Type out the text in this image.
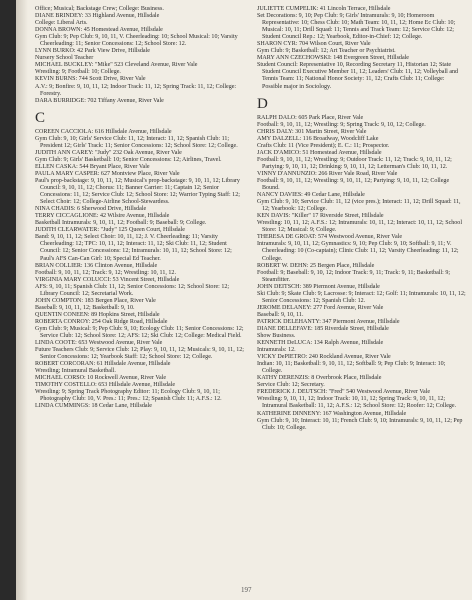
Office; Musical; Backstage Crew; College: Business.

DIANE BRINDEY: 33 Highland Avenue, Hillsdale

College: Liberal Arts.

DONNA BROWN: 45 Homestead Avenue, Hillsdale

Gym Club: 9; Pep Club: 9, 10, 11, V. Cheerleading: 10; School Musical: 10; Varsity Cheerleading: 11; Senior Concessions: 12; School Store: 12.

LYNN BURKO: 42 Park View Drive, Hillsdale

Nursery School Teacher

MICHAEL BUCKLEY: "Mike" 523 Cleveland Avenue, River Vale

Wrestling: 9; Football: 10; College.

KEVIN BURNS: 744 Scott Drive, River Vale

A.V.: 9; Bonfire: 9, 10, 11, 12; Indoor Track: 11, 12; Spring Track: 11, 12; College: Forestry.

DARA BURRIDGE: 702 Tiffany Avenue, River Vale

C

COREEN CACCIOLA: 616 Hillsdale Avenue, Hillsdale

Gym Club: 9, 10; Girls' Service Club: 11, 12; Interact: 11, 12; Spanish Club: 11; President 12; Girls' Track: 11; Senior Concessions: 12; School Store: 12; College.

JUDITH ANN CAREY: "Judy" 232 Oak Avenue, River Vale

Gym Club: 9; Girls' Basketball: 10; Senior Concessions: 12; Airlines, Travel.

ELLEN CASKA: 544 Bryant Place, River Vale

PAULA MARY CASPER: 627 Montview Place, River Vale

Paul's prop-backstage: 9, 10, 11, 12; Musical's prop-backstage: 9, 10, 11, 12; Library Council: 9, 10, 11, 12; Chorus: 11; Banner Carrier: 11; Captain 12; Senior Concessions: 11, 12; Service Club: 12; School Store: 12; Warrior Typing Staff: 12; Select Choir: 12; College-Airline School-Stewardess.

NINA CHADIS: 6 Sherwood Drive, Hillsdale

TERRY CICCAGLIONE: 42 Wilsire Avenue, Hillsdale

Basketball Intramurals: 9, 10, 11, 12; Football: 9; Baseball: 9; College.

JUDITH CLEARWATER: "Judy" 125 Queen Court, Hillsdale

Band: 9, 10, 11, 12; Select Choir: 10, 11, 12; J. V. Cheerleading: 11; Varsity Cheerleading: 12; TPC: 10, 11, 12; Interact: 11, 12; Ski Club: 11, 12; Student Council: 12; Senior Concessions: 12; Intramurals: 10, 11, 12; School Store: 12; Paul's AFS Can-Can Girl: 10; Special Ed Teacher.

BRIAN COLLIER: 136 Clinton Avenue, Hillsdale

Football: 9, 10, 11, 12; Track: 9, 12; Wrestling: 10, 11, 12.

VIRGINIA MARY COLUCCI: 53 Vincent Street, Hillsdale

AFS: 9, 10, 11; Spanish Club: 11, 12; Senior Concessions: 12; School Store: 12; Library Council: 12; Secretarial Work.

JOHN COMPTON: 183 Bergen Place, River Vale

Baseball: 9, 10, 11, 12; Basketball: 9, 10.

QUENTIN CONEEN: 89 Hopkins Street, Hillsdale

ROBERTA CONROY: 254 Oak Ridge Road, Hillsdale

Gym Club: 9; Musical: 9; Pep Club: 9, 10; Ecology Club: 11; Senior Concessions: 12; Service Club: 12; School Store: 12; AFS: 12; Ski Club: 12; College: Medical Field.

LINDA COOTE: 653 Westwood Avenue, River Vale

Future Teachers Club: 9; Service Club: 12; Play: 9, 10, 11, 12; Musicals: 9, 10, 11, 12; Senior Concessions: 12; Yearbook Staff: 12; School Store: 12; College.

ROBERT CORCORAN: 61 Hillsdale Avenue, Hillsdale

Wrestling; Intramural Basketball.

MICHAEL CORSO: 10 Rockwell Avenue, River Vale

TIMOTHY COSTELLO: 653 Hillsdale Avenue, Hillsdale

Wrestling: 9; Spring Track Photography Editor: 11; Ecology Club: 9, 10, 11; Photography Club: 10, V. Pres.: 11; Pres.: 12; Spanish Club: 11; A.F.S.: 12.

LINDA CUMMINGS: 18 Cedar Lane, Hillsdale

JULIETTE CUMPELIK: 41 Lincoln Terrace, Hillsdale

Set Decorations: 9, 10; Pep Club: 9; Girls' Intramurals: 9, 10; Homeroom Representative: 10; Chess Club: 10; Math Team: 10, 11, 12; Home Ec Club: 10; Musical: 10, 11; Drill Squad: 11; Tennis and Track Team: 12; Service Club: 12; Student Council Rep.: 12; Yearbook, Editor-in-Chief: 12; College.

SHARON CYR: 704 Wilson Court, River Vale

Gym Club: 9; Basketball: 12; Art Teacher or Psychiatrist.

MARY ANN CZECHOWSKI: 148 Evergreen Street, Hillsdale

Student Council: Representative 10, Recording Secretary 11, Historian 12; State Student Council Executive Member 11, 12; Leaders' Club: 11, 12; Volleyball and Tennis Team: 11; National Honor Society: 11, 12; Crafts Club: 11; College: Possible major in Sociology.

D

RALPH DALO: 605 Park Place, River Vale

Football: 9, 10, 11, 12; Wrestling: 9; Spring Track: 9, 10, 12; College.

CHRIS DALY: 301 Martin Street, River Vale

AMY DALZELL: 116 Broadway, Woodcliff Lake

Crafts Club: 11 (Vice President); E. C.: 11; Prospector.

JACK D'AMICO: 51 Homestead Avenue, Hillsdale

Football: 9, 10, 11, 12; Wrestling: 9; Outdoor Track: 11, 12; Track: 9, 10, 11, 12; Partying: 9, 10, 11, 12; Drinking: 9, 10, 11, 12; Letterman's Club: 10, 11, 12.

VINNY D'ANNUNZIO: 266 River Vale Road, River Vale

Football: 9, 10, 11, 12; Wrestling: 9, 10, 11, 12; Partying: 9, 10, 11, 12; College Bound.

NANCY DAVIES: 49 Cedar Lane, Hillsdale

Gym Club: 9, 10; Service Club: 11, 12 (vice pres.); Interact: 11, 12; Drill Squad: 11, 12; Yearbook: 12; College.

KEN DAVIS: "Killer" 17 Riverside Street, Hillsdale

Wrestling: 10, 11, 12; A.F.S.: 12; Intramurals: 10, 11, 12; Interact: 10, 11, 12; School Store: 12; Musical: 9; College.

THERESA DE GROAT: 574 Westwood Avenue, River Vale

Intramurals: 9, 10, 11, 12; Gymnastics: 9, 10; Pep Club: 9, 10; Softball: 9, 11; V. Cheerleading: 10 (Co-captain); Clinic Club: 11, 12; Varsity Cheerleading: 11, 12; College.

ROBERT W. DEHN: 25 Bergen Place, Hillsdale

Football: 9; Baseball: 9, 10, 12; Indoor Track: 9, 11; Track: 9, 11; Basketball: 9; Steamfitter.

JOHN DEITSCH: 389 Piermont Avenue, Hillsdale

Ski Club: 9; Skate Club: 9; Lacrosse: 9; Interact: 12; Golf: 11; Intramurals: 10, 11, 12; Senior Concessions: 12; Spanish Club: 12.

JEROME DELANEY: 277 Ford Avenue, River Vale

Baseball: 9, 10, 11.

PATRICK DELEHANTY: 347 Piermont Avenue, Hillsdale

DIANE DELLEFAVE: 185 Riverdale Street, Hillsdale

Show Business.

KENNETH DeLUCA: 134 Ralph Avenue, Hillsdale

Intramurals: 12.

VICKY DePIETRO: 240 Rockland Avenue, River Vale

Indian: 10, 11; Basketball: 9, 10, 11, 12; Softball: 9; Pep Club: 9; Interact: 10; College.

KATHY DERENZIS: 8 Overbrook Place, Hillsdale

Service Club: 12; Secretary.

FREDERICK J. DEUTSCH: "Fred" 540 Westwood Avenue, River Vale

Wrestling: 9, 10, 11, 12; Indoor Track: 10, 11, 12; Spring Track: 9, 10, 11, 12; Intramural Basketball: 11, 12; A.F.S.: 12; School Store: 12; Roofer: 12; College.

KATHERINE DINNENY: 167 Washington Avenue, Hillsdale

Gym Club: 9, 10; Interact: 10, 11; French Club: 9, 10; Intramurals: 9, 10, 11, 12; Pep Club: 10; College.

197
